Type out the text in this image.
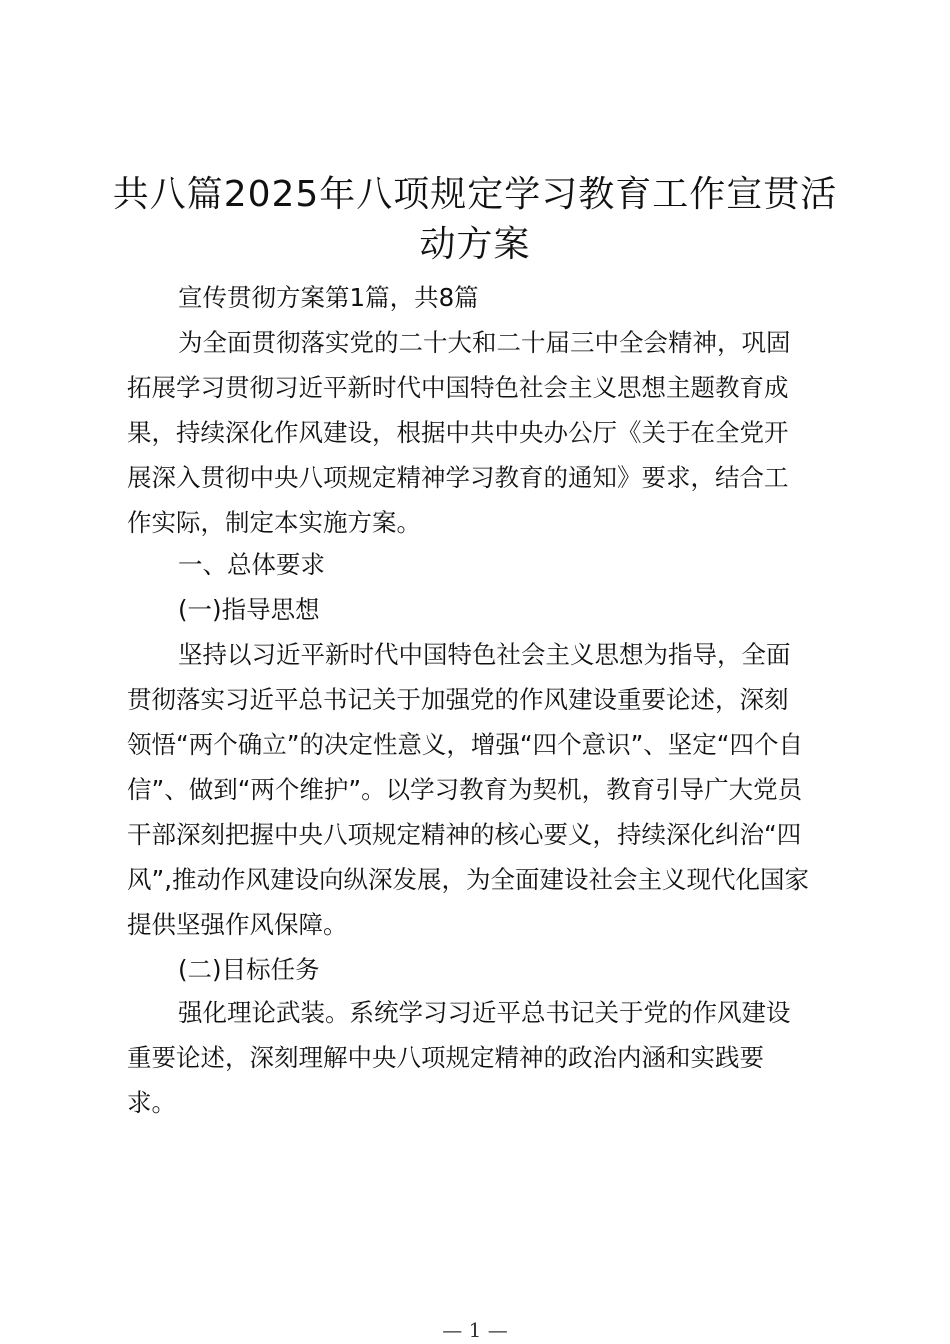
共八篇2025年八项规定学习教育工作宣贯活动方案
宣传贯彻方案第1篇，共8篇
为全面贯彻落实党的二十大和二十届三中全会精神，巩固
拓展学习贯彻习近平新时代中国特色社会主义思想主题教育成
果，持续深化作风建设，根据中共中央办公厅《关于在全党开
展深入贯彻中央八项规定精神学习教育的通知》要求，结合工
作实际，制定本实施方案。
一、总体要求
(一)指导思想
坚持以习近平新时代中国特色社会主义思想为指导，全面
贯彻落实习近平总书记关于加强党的作风建设重要论述，深刻
领悟“两个确立”的决定性意义，增强“四个意识”、坚定“四个自
信”、做到“两个维护”。以学习教育为契机，教育引导广大党员
干部深刻把握中央八项规定精神的核心要义，持续深化纠治“四
风”,推动作风建设向纵深发展，为全面建设社会主义现代化国家
提供坚强作风保障。
(二)目标任务
强化理论武装。系统学习习近平总书记关于党的作风建设
重要论述，深刻理解中央八项规定精神的政治内涵和实践要
求。
— 1 —
